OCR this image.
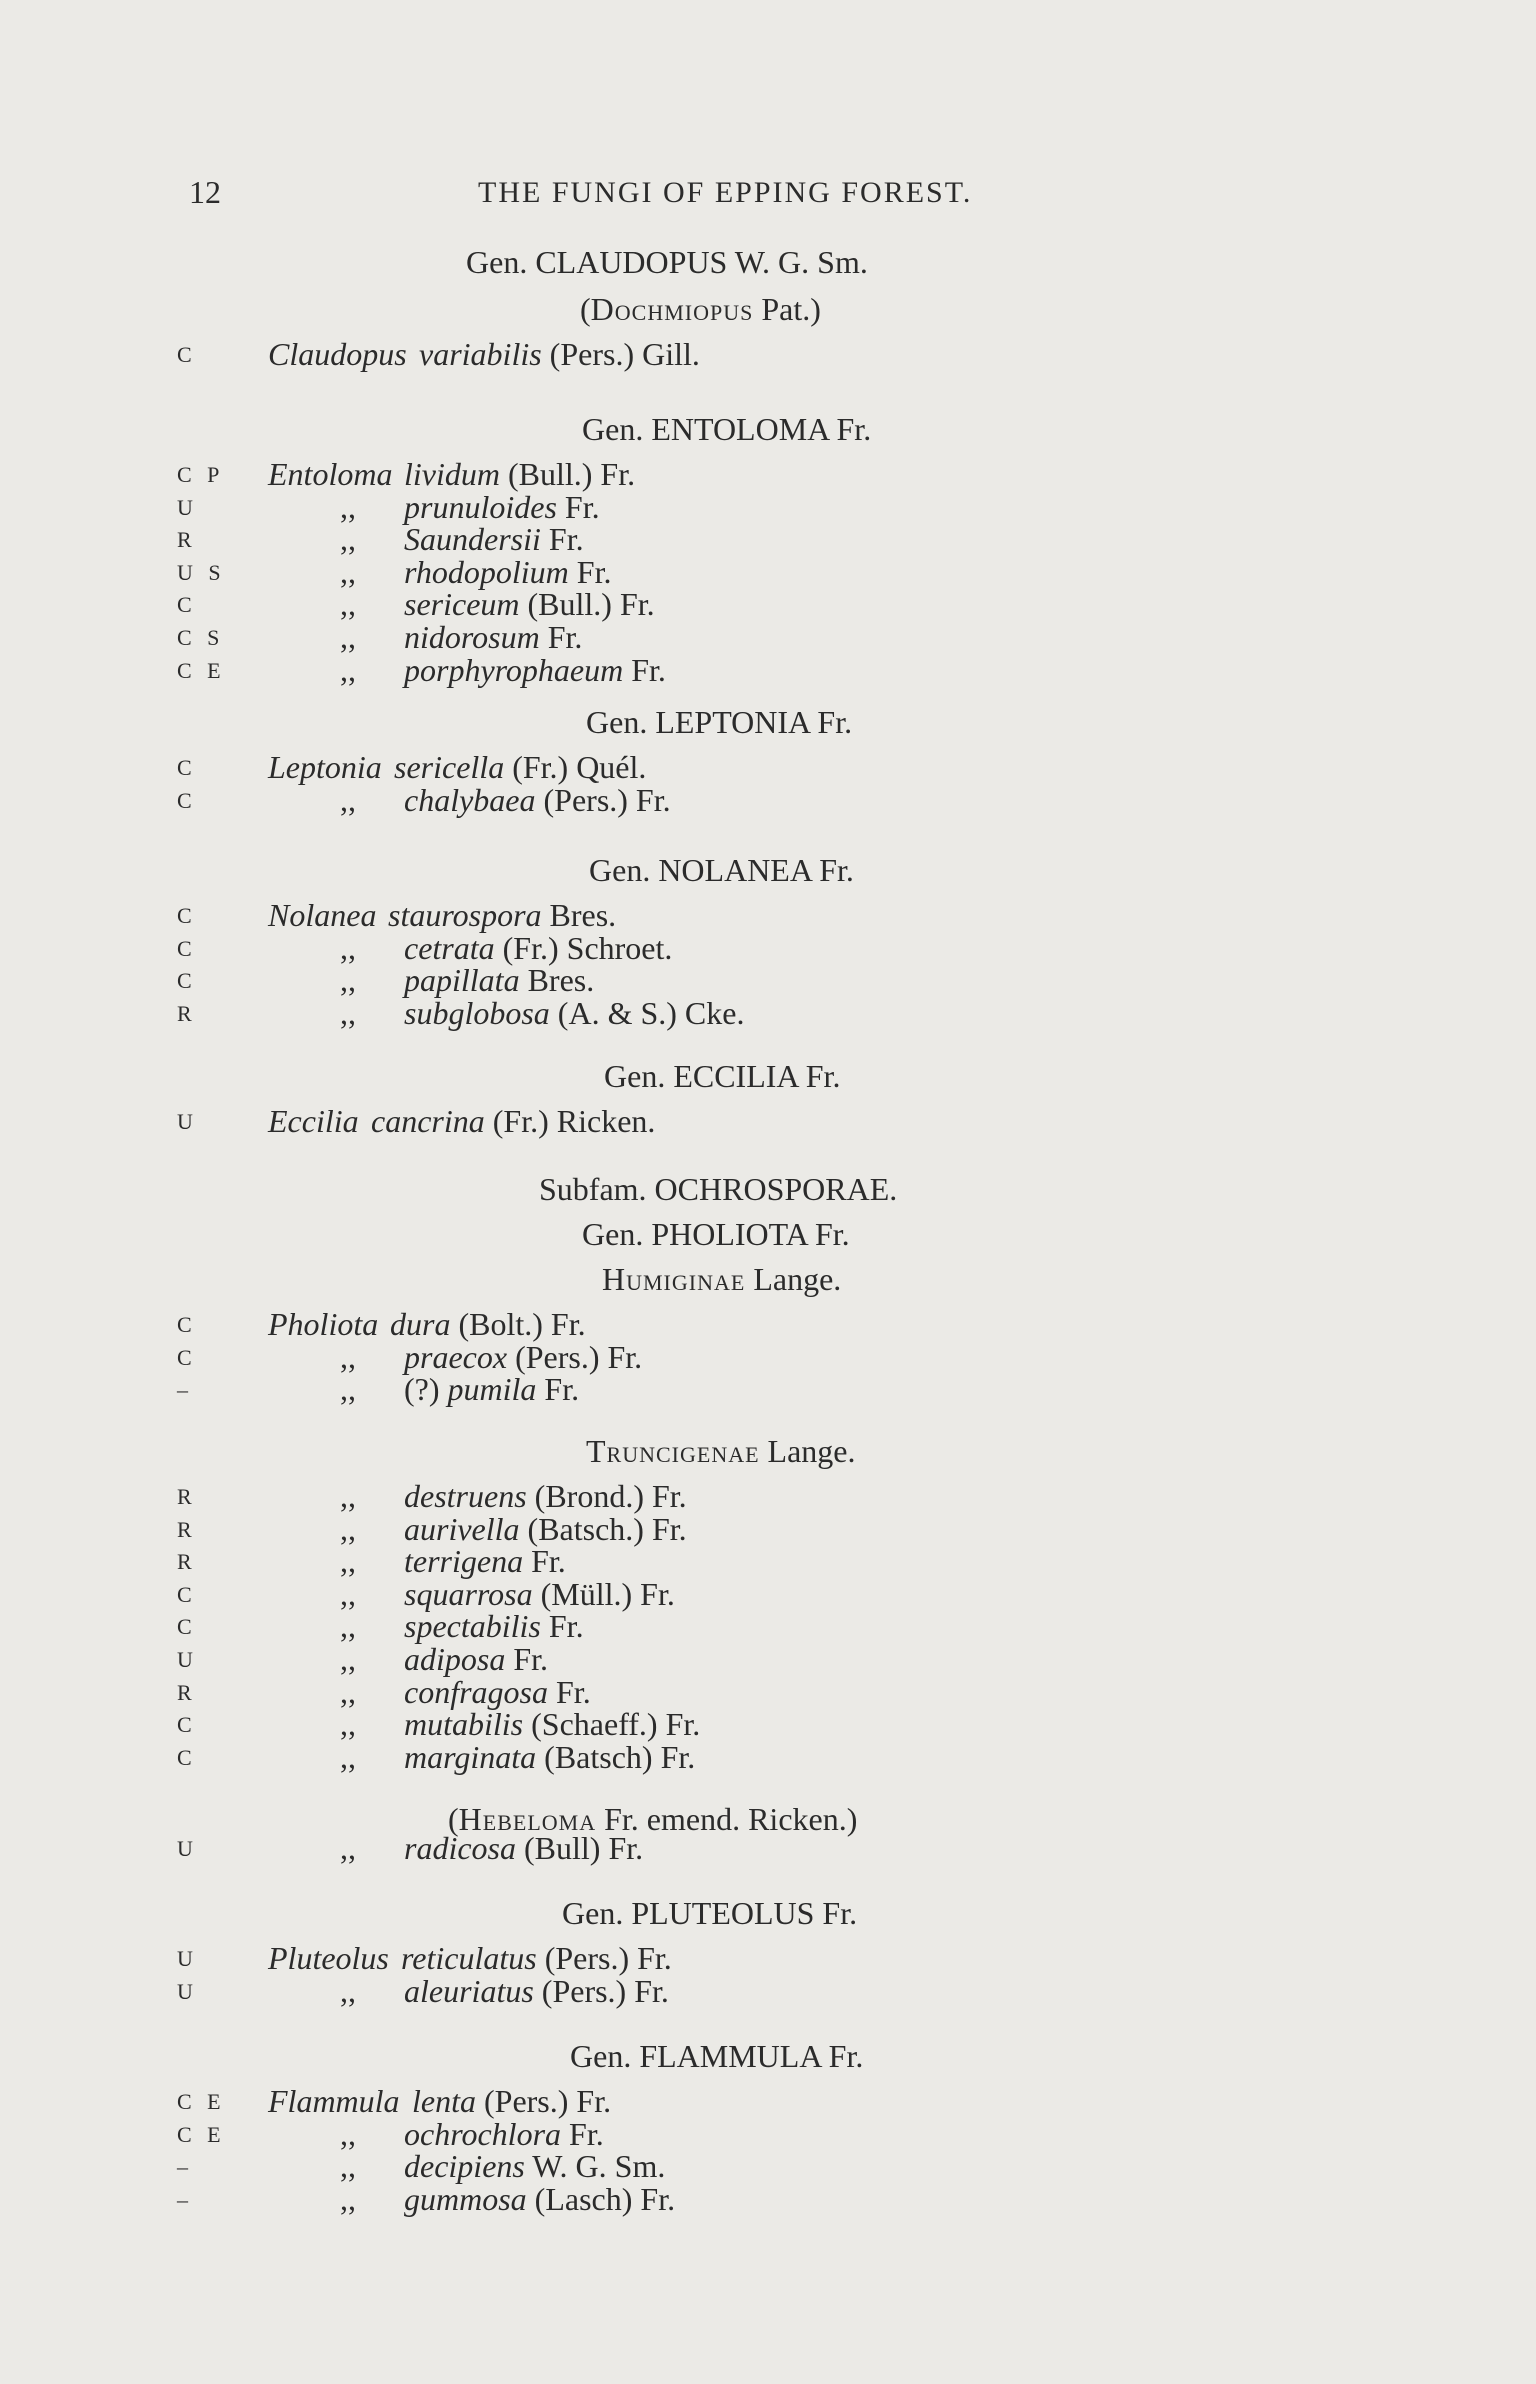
12	THE FUNGI OF EPPING FOREST.
Gen. CLAUDOPUS W. G. Sm.
(Dochmiopus Pat.)
C Claudopus variabilis (Pers.) Gill.
Gen. ENTOLOMA Fr.
C P Entoloma lividum (Bull.) Fr.
U	,, prunuloides Fr.
R	,, Saundersii Fr.
U S	,, rhodopolium Fr.
C	,, sericeum (Bull.) Fr.
C S	,, nidorosum Fr.
C E	,, porphyrophaeum Fr.
Gen. LEPTONIA Fr.
C Leptonia sericella (Fr.) Quél.
C	,, chalybaea (Pers.) Fr.
Gen. NOLANEA Fr.
C Nolanea staurospora Bres.
C	,, cetrata (Fr.) Schroet.
C	,, papillata Bres.
R	,, subglobosa (A. & S.) Cke.
Gen. ECCILIA Fr.
U Eccilia cancrina (Fr.) Ricken.
Subfam. OCHROSPORAE.
Gen. PHOLIOTA Fr.
Humiginae Lange.
C Pholiota dura (Bolt.) Fr.
C	,, praecox (Pers.) Fr.
–	,, (?) pumila Fr.
Truncigenae Lange.
R	,, destruens (Brond.) Fr.
R	,, aurivella (Batsch.) Fr.
R	,, terrigena Fr.
C	,, squarrosa (Müll.) Fr.
C	,, spectabilis Fr.
U	,, adiposa Fr.
R	,, confragosa Fr.
C	,, mutabilis (Schaeff.) Fr.
C	,, marginata (Batsch) Fr.
(Hebeloma Fr. emend. Ricken.)
U	,, radicosa (Bull) Fr.
Gen. PLUTEOLUS Fr.
U Pluteolus reticulatus (Pers.) Fr.
U	,, aleuriatus (Pers.) Fr.
Gen. FLAMMULA Fr.
C E Flammula lenta (Pers.) Fr.
C E	,, ochrochlora Fr.
–	,, decipiens W. G. Sm.
–	,, gummosa (Lasch) Fr.
